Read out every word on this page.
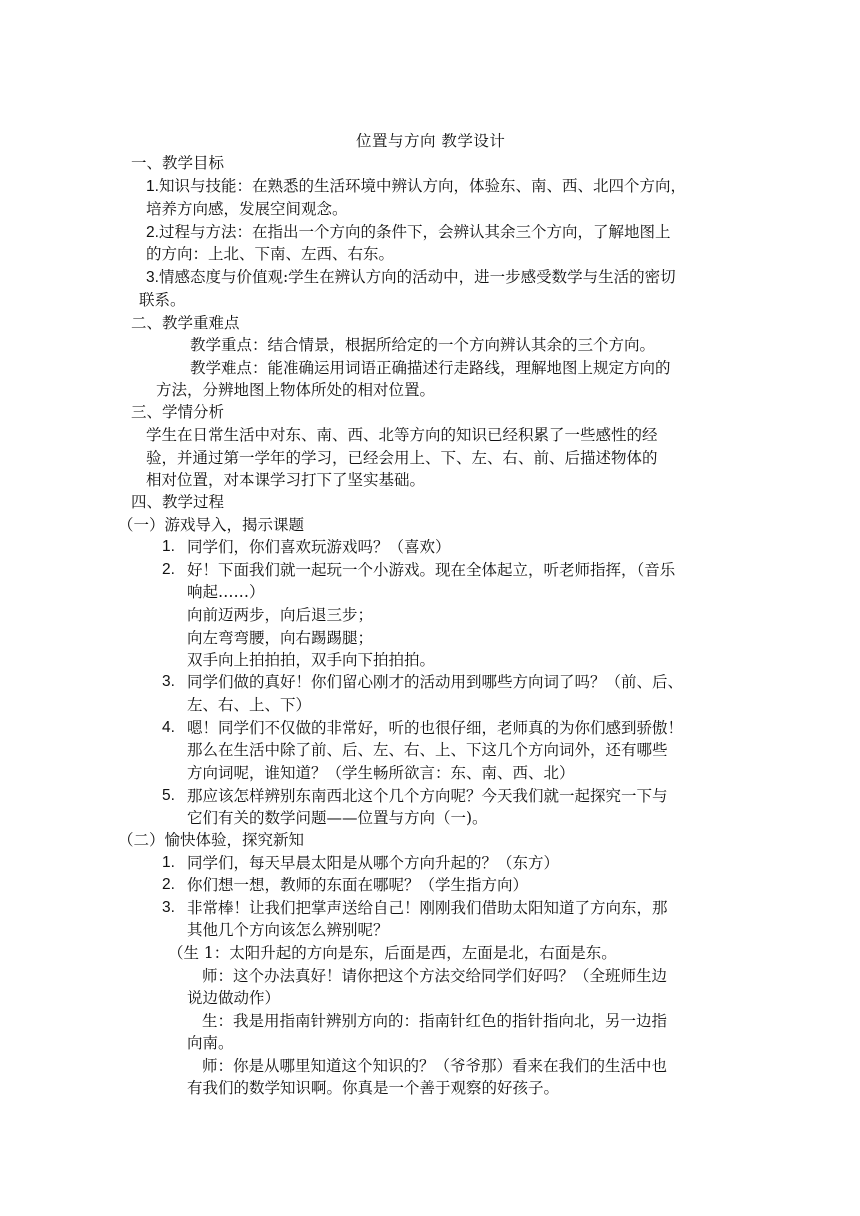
位置与方向 教学设计
一、教学目标
1.知识与技能：在熟悉的生活环境中辨认方向，体验东、南、西、北四个方向，
培养方向感，发展空间观念。
2.过程与方法：在指出一个方向的条件下，会辨认其余三个方向，了解地图上
的方向：上北、下南、左西、右东。
3.情感态度与价值观:学生在辨认方向的活动中，进一步感受数学与生活的密切
联系。
二、教学重难点
教学重点：结合情景，根据所给定的一个方向辨认其余的三个方向。
教学难点：能准确运用词语正确描述行走路线，理解地图上规定方向的
方法，分辨地图上物体所处的相对位置。
三、学情分析
学生在日常生活中对东、南、西、北等方向的知识已经积累了一些感性的经
验，并通过第一学年的学习，已经会用上、下、左、右、前、后描述物体的
相对位置，对本课学习打下了坚实基础。
四、教学过程
（一）游戏导入，揭示课题
1. 同学们，你们喜欢玩游戏吗？（喜欢）
2. 好！下面我们就一起玩一个小游戏。现在全体起立，听老师指挥，（音乐
响起……）
向前迈两步，向后退三步；
向左弯弯腰，向右踢踢腿；
双手向上拍拍拍，双手向下拍拍拍。
3. 同学们做的真好！你们留心刚才的活动用到哪些方向词了吗？（前、后、
左、右、上、下）
4. 嗯！同学们不仅做的非常好，听的也很仔细，老师真的为你们感到骄傲！
那么在生活中除了前、后、左、右、上、下这几个方向词外，还有哪些
方向词呢，谁知道？（学生畅所欲言：东、南、西、北）
5. 那应该怎样辨别东南西北这个几个方向呢？今天我们就一起探究一下与
它们有关的数学问题——位置与方向（一)。
（二）愉快体验，探究新知
1. 同学们，每天早晨太阳是从哪个方向升起的？（东方）
2. 你们想一想，教师的东面在哪呢？（学生指方向）
3. 非常棒！让我们把掌声送给自己！刚刚我们借助太阳知道了方向东，那
其他几个方向该怎么辨别呢？
（生 1：太阳升起的方向是东，后面是西，左面是北，右面是东。
师：这个办法真好！请你把这个方法交给同学们好吗？（全班师生边
说边做动作）
生：我是用指南针辨别方向的：指南针红色的指针指向北，另一边指
向南。
师：你是从哪里知道这个知识的？（爷爷那）看来在我们的生活中也
有我们的数学知识啊。你真是一个善于观察的好孩子。
